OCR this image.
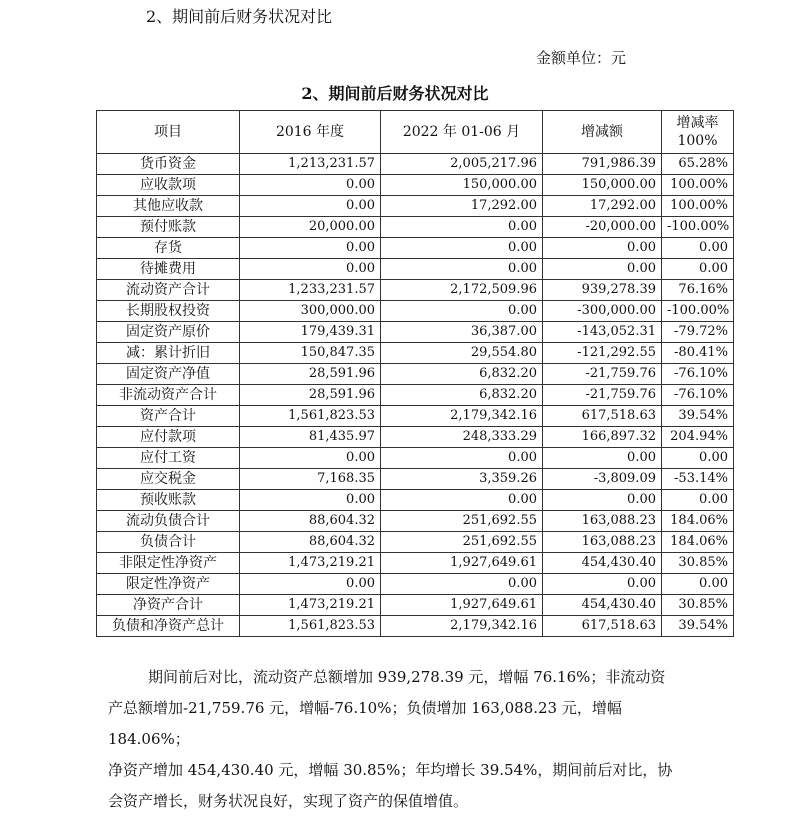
2、期间前后财务状况对比
金额单位：元
2、期间前后财务状况对比
项目	2016 年度	2022 年 01-06 月	增减额	增减率
100%

货币资金	1,213,231.57	2,005,217.96	791,986.39	65.28%
应收款项	0.00	150,000.00	150,000.00	100.00%
其他应收款	0.00	17,292.00	17,292.00	100.00%
预付账款	20,000.00	0.00	-20,000.00	-100.00%
存货	0.00	0.00	0.00	0.00
待摊费用	0.00	0.00	0.00	0.00
流动资产合计	1,233,231.57	2,172,509.96	939,278.39	76.16%
长期股权投资	300,000.00	0.00	-300,000.00	-100.00%
固定资产原价	179,439.31	36,387.00	-143,052.31	-79.72%
减：累计折旧	150,847.35	29,554.80	-121,292.55	-80.41%
固定资产净值	28,591.96	6,832.20	-21,759.76	-76.10%
非流动资产合计	28,591.96	6,832.20	-21,759.76	-76.10%
资产合计	1,561,823.53	2,179,342.16	617,518.63	39.54%
应付款项	81,435.97	248,333.29	166,897.32	204.94%
应付工资	0.00	0.00	0.00	0.00
应交税金	7,168.35	3,359.26	-3,809.09	-53.14%
预收账款	0.00	0.00	0.00	0.00
流动负债合计	88,604.32	251,692.55	163,088.23	184.06%
负债合计	88,604.32	251,692.55	163,088.23	184.06%
非限定性净资产	1,473,219.21	1,927,649.61	454,430.40	30.85%
限定性净资产	0.00	0.00	0.00	0.00
净资产合计	1,473,219.21	1,927,649.61	454,430.40	30.85%
负债和净资产总计	1,561,823.53	2,179,342.16	617,518.63	39.54%

期间前后对比，流动资产总额增加 939,278.39 元，增幅 76.16%；非流动资

产总额增加-21,759.76 元，增幅-76.10%；负债增加 163,088.23 元，增幅 184.06%；

净资产增加 454,430.40 元，增幅 30.85%；年均增长 39.54%，期间前后对比，协

会资产增长，财务状况良好，实现了资产的保值增值。
